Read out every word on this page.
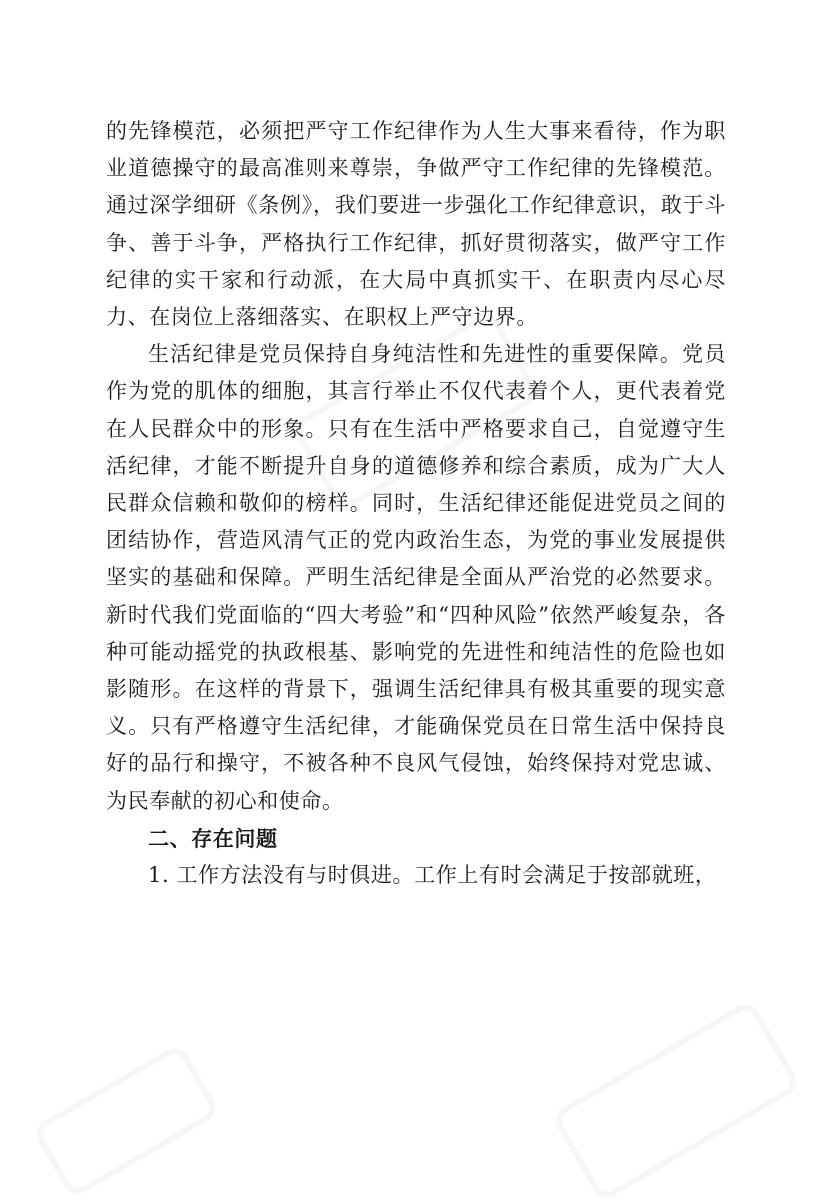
的先锋模范，必须把严守工作纪律作为人生大事来看待，作为职业道德操守的最高准则来尊崇，争做严守工作纪律的先锋模范。通过深学细研《条例》，我们要进一步强化工作纪律意识，敢于斗争、善于斗争，严格执行工作纪律，抓好贯彻落实，做严守工作纪律的实干家和行动派，在大局中真抓实干、在职责内尽心尽力、在岗位上落细落实、在职权上严守边界。

生活纪律是党员保持自身纯洁性和先进性的重要保障。党员作为党的肌体的细胞，其言行举止不仅代表着个人，更代表着党在人民群众中的形象。只有在生活中严格要求自己，自觉遵守生活纪律，才能不断提升自身的道德修养和综合素质，成为广大人民群众信赖和敬仰的榜样。同时，生活纪律还能促进党员之间的团结协作，营造风清气正的党内政治生态，为党的事业发展提供坚实的基础和保障。严明生活纪律是全面从严治党的必然要求。新时代我们党面临的“四大考验”和“四种风险”依然严峻复杂，各种可能动摇党的执政根基、影响党的先进性和纯洁性的危险也如影随形。在这样的背景下，强调生活纪律具有极其重要的现实意义。只有严格遵守生活纪律，才能确保党员在日常生活中保持良好的品行和操守，不被各种不良风气侵蚀，始终保持对党忠诚、为民奉献的初心和使命。

二、存在问题

1. 工作方法没有与时俱进。工作上有时会满足于按部就班，
